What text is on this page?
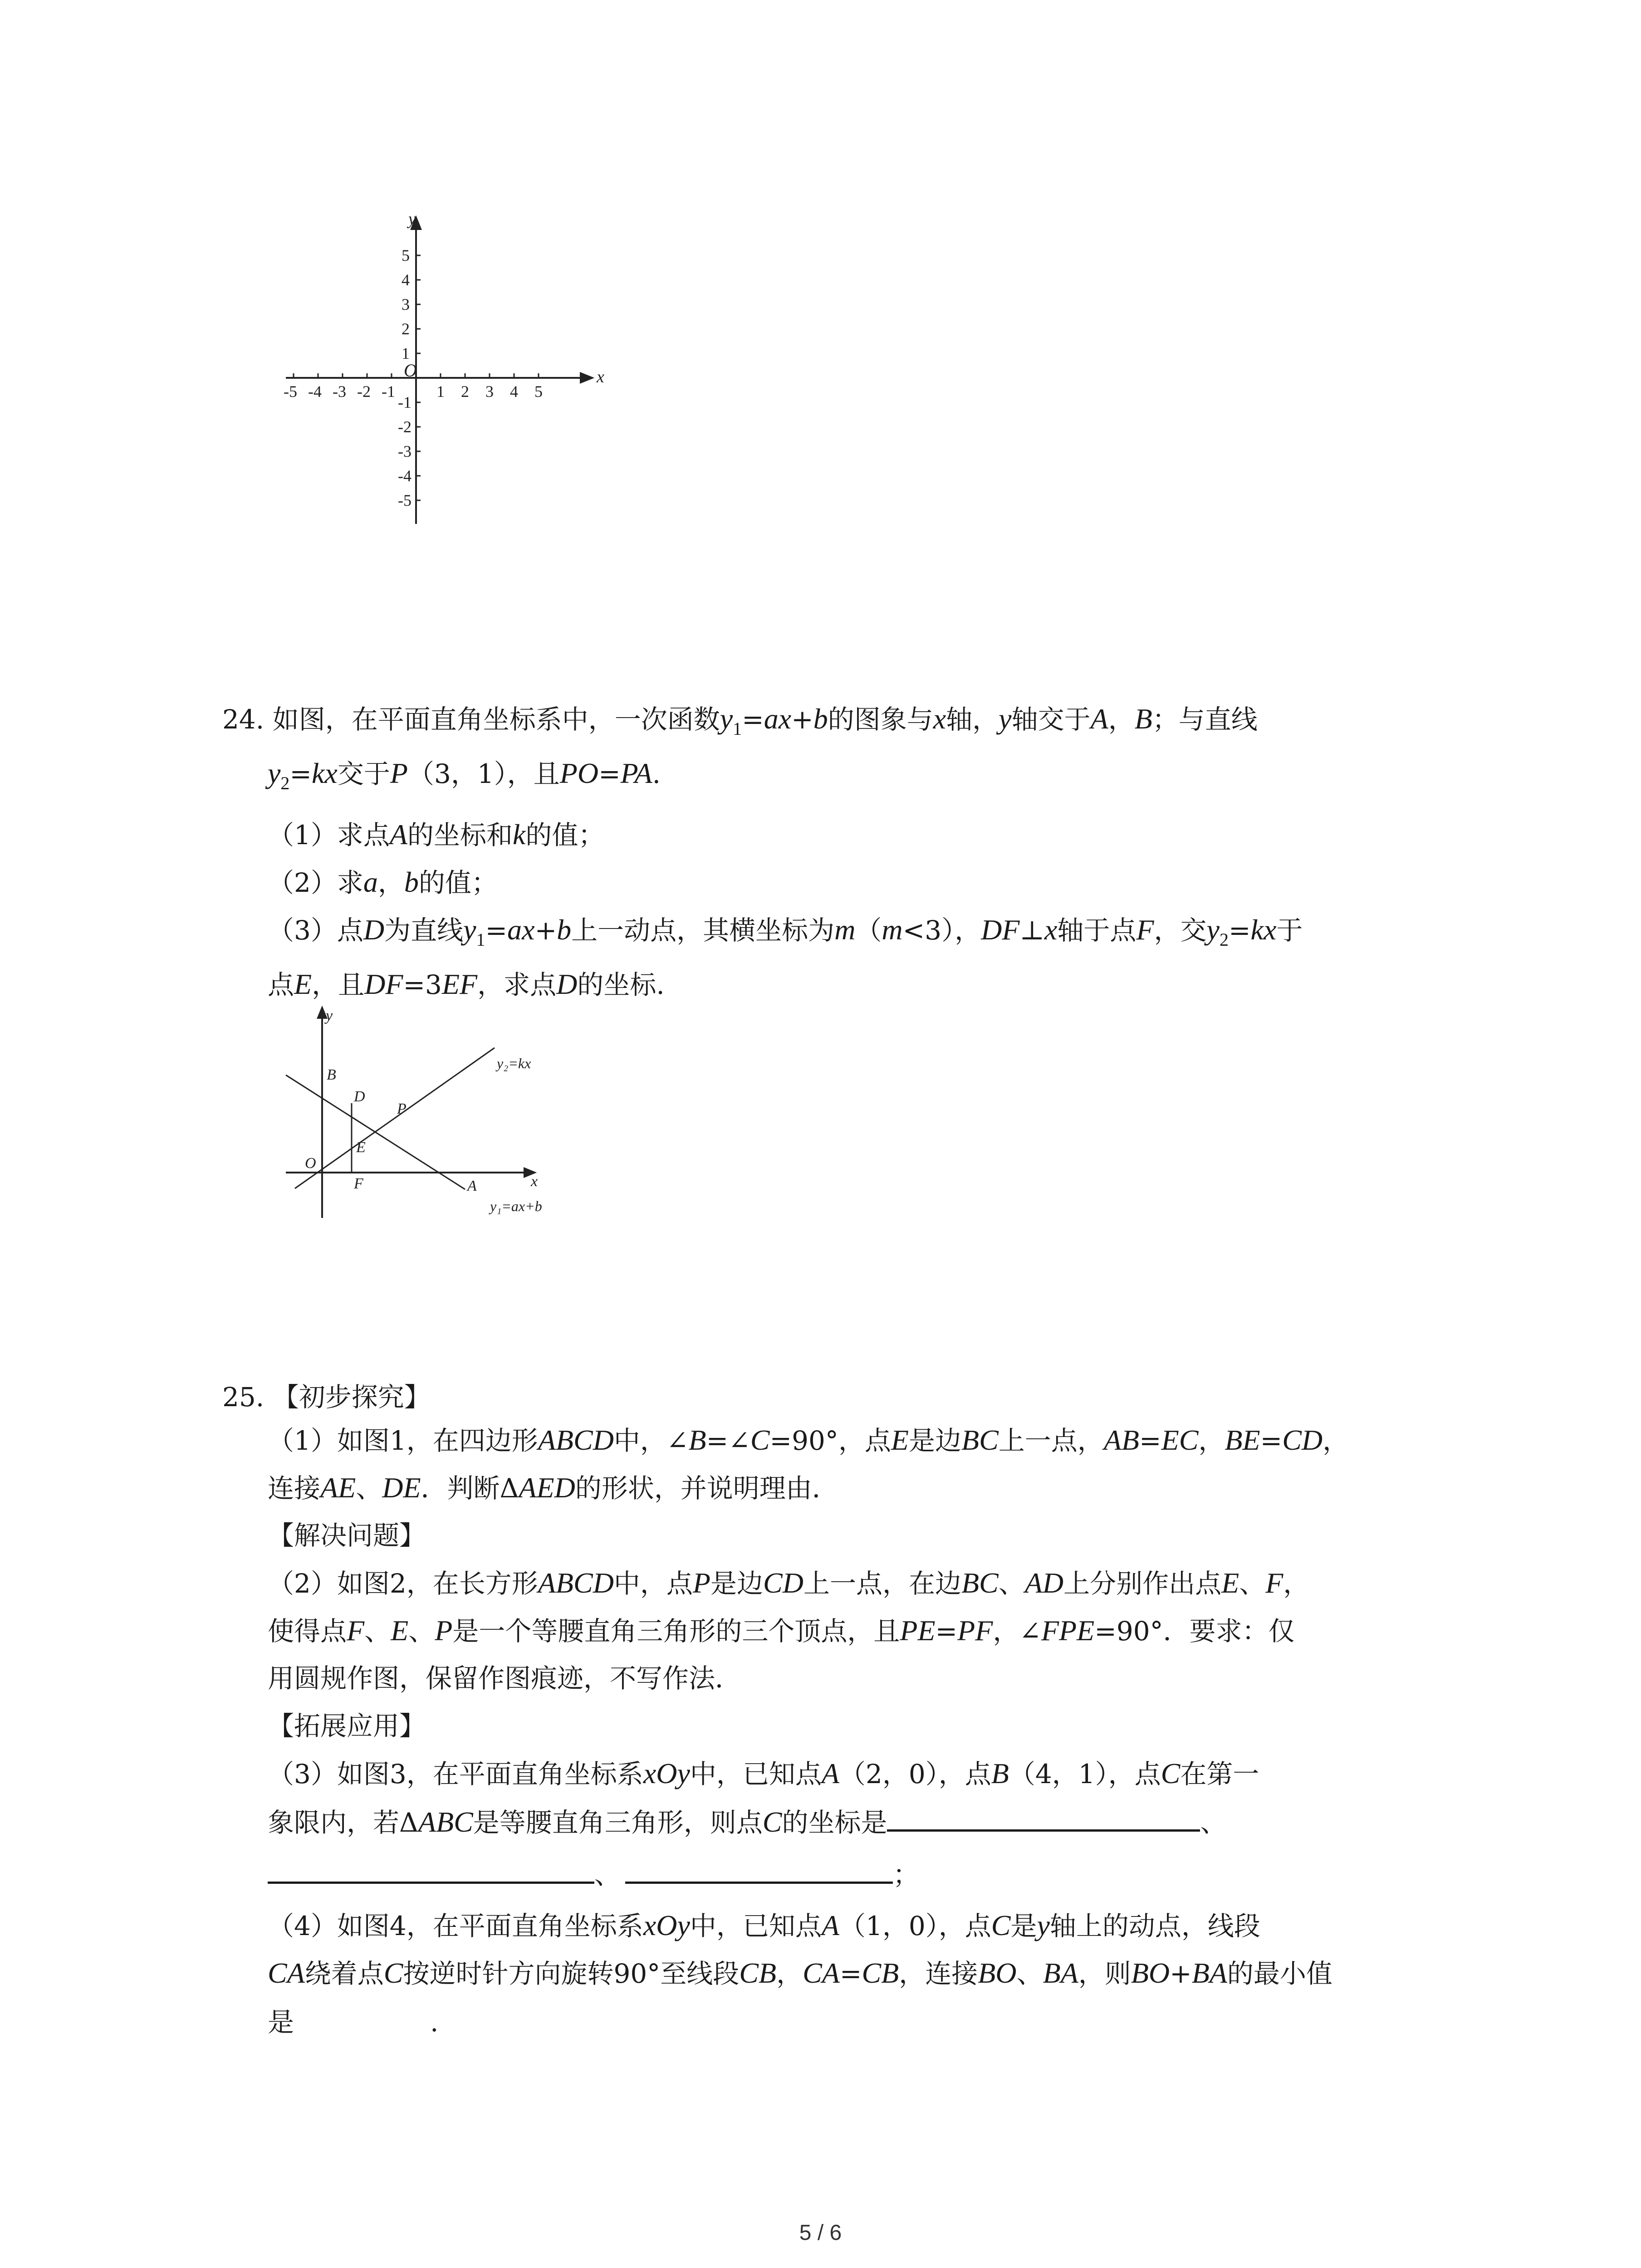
-5 -4 -3 -2 -1	1 2 3 4 5
5
4
3
2
1
-1
-2
-3
-4
-5
O	x
y
24. 如图，在平面直角坐标系中，一次函数$y_1=ax+b$的图象与x轴，y轴交于A，B；与直线
$y_2=kx$交于P（3，1），且PO=PA.
（1）求点A的坐标和k的值；
（2）求a，b的值；
（3）点D为直线$y_1=ax+b$上一动点，其横坐标为m（m<3），DF⊥x轴于点F，交$y_2=kx$于
点E，且DF=3EF，求点D的坐标.
y
x
O
B
D
P
E
F	A
y₂=kx
y₁=ax+b
25. 【初步探究】
（1）如图1，在四边形ABCD中，∠B=∠C=90°，点E是边BC上一点，AB=EC，BE=CD，
连接AE、DE．判断ΔAED的形状，并说明理由．
【解决问题】
（2）如图2，在长方形ABCD中，点P是边CD上一点，在边BC、AD上分别作出点E、F，
使得点F、E、P是一个等腰直角三角形的三个顶点，且PE=PF，∠FPE=90°．要求：仅
用圆规作图，保留作图痕迹，不写作法．
【拓展应用】
（3）如图3，在平面直角坐标系xOy中，已知点A（2，0），点B（4，1），点C在第一
象限内，若ΔABC是等腰直角三角形，则点C的坐标是	、
、	；
（4）如图4，在平面直角坐标系xOy中，已知点A（1，0），点C是y轴上的动点，线段
CA绕着点C按逆时针方向旋转90°至线段CB，CA=CB，连接BO、BA，则BO+BA的最小值
是	.
5 / 6
